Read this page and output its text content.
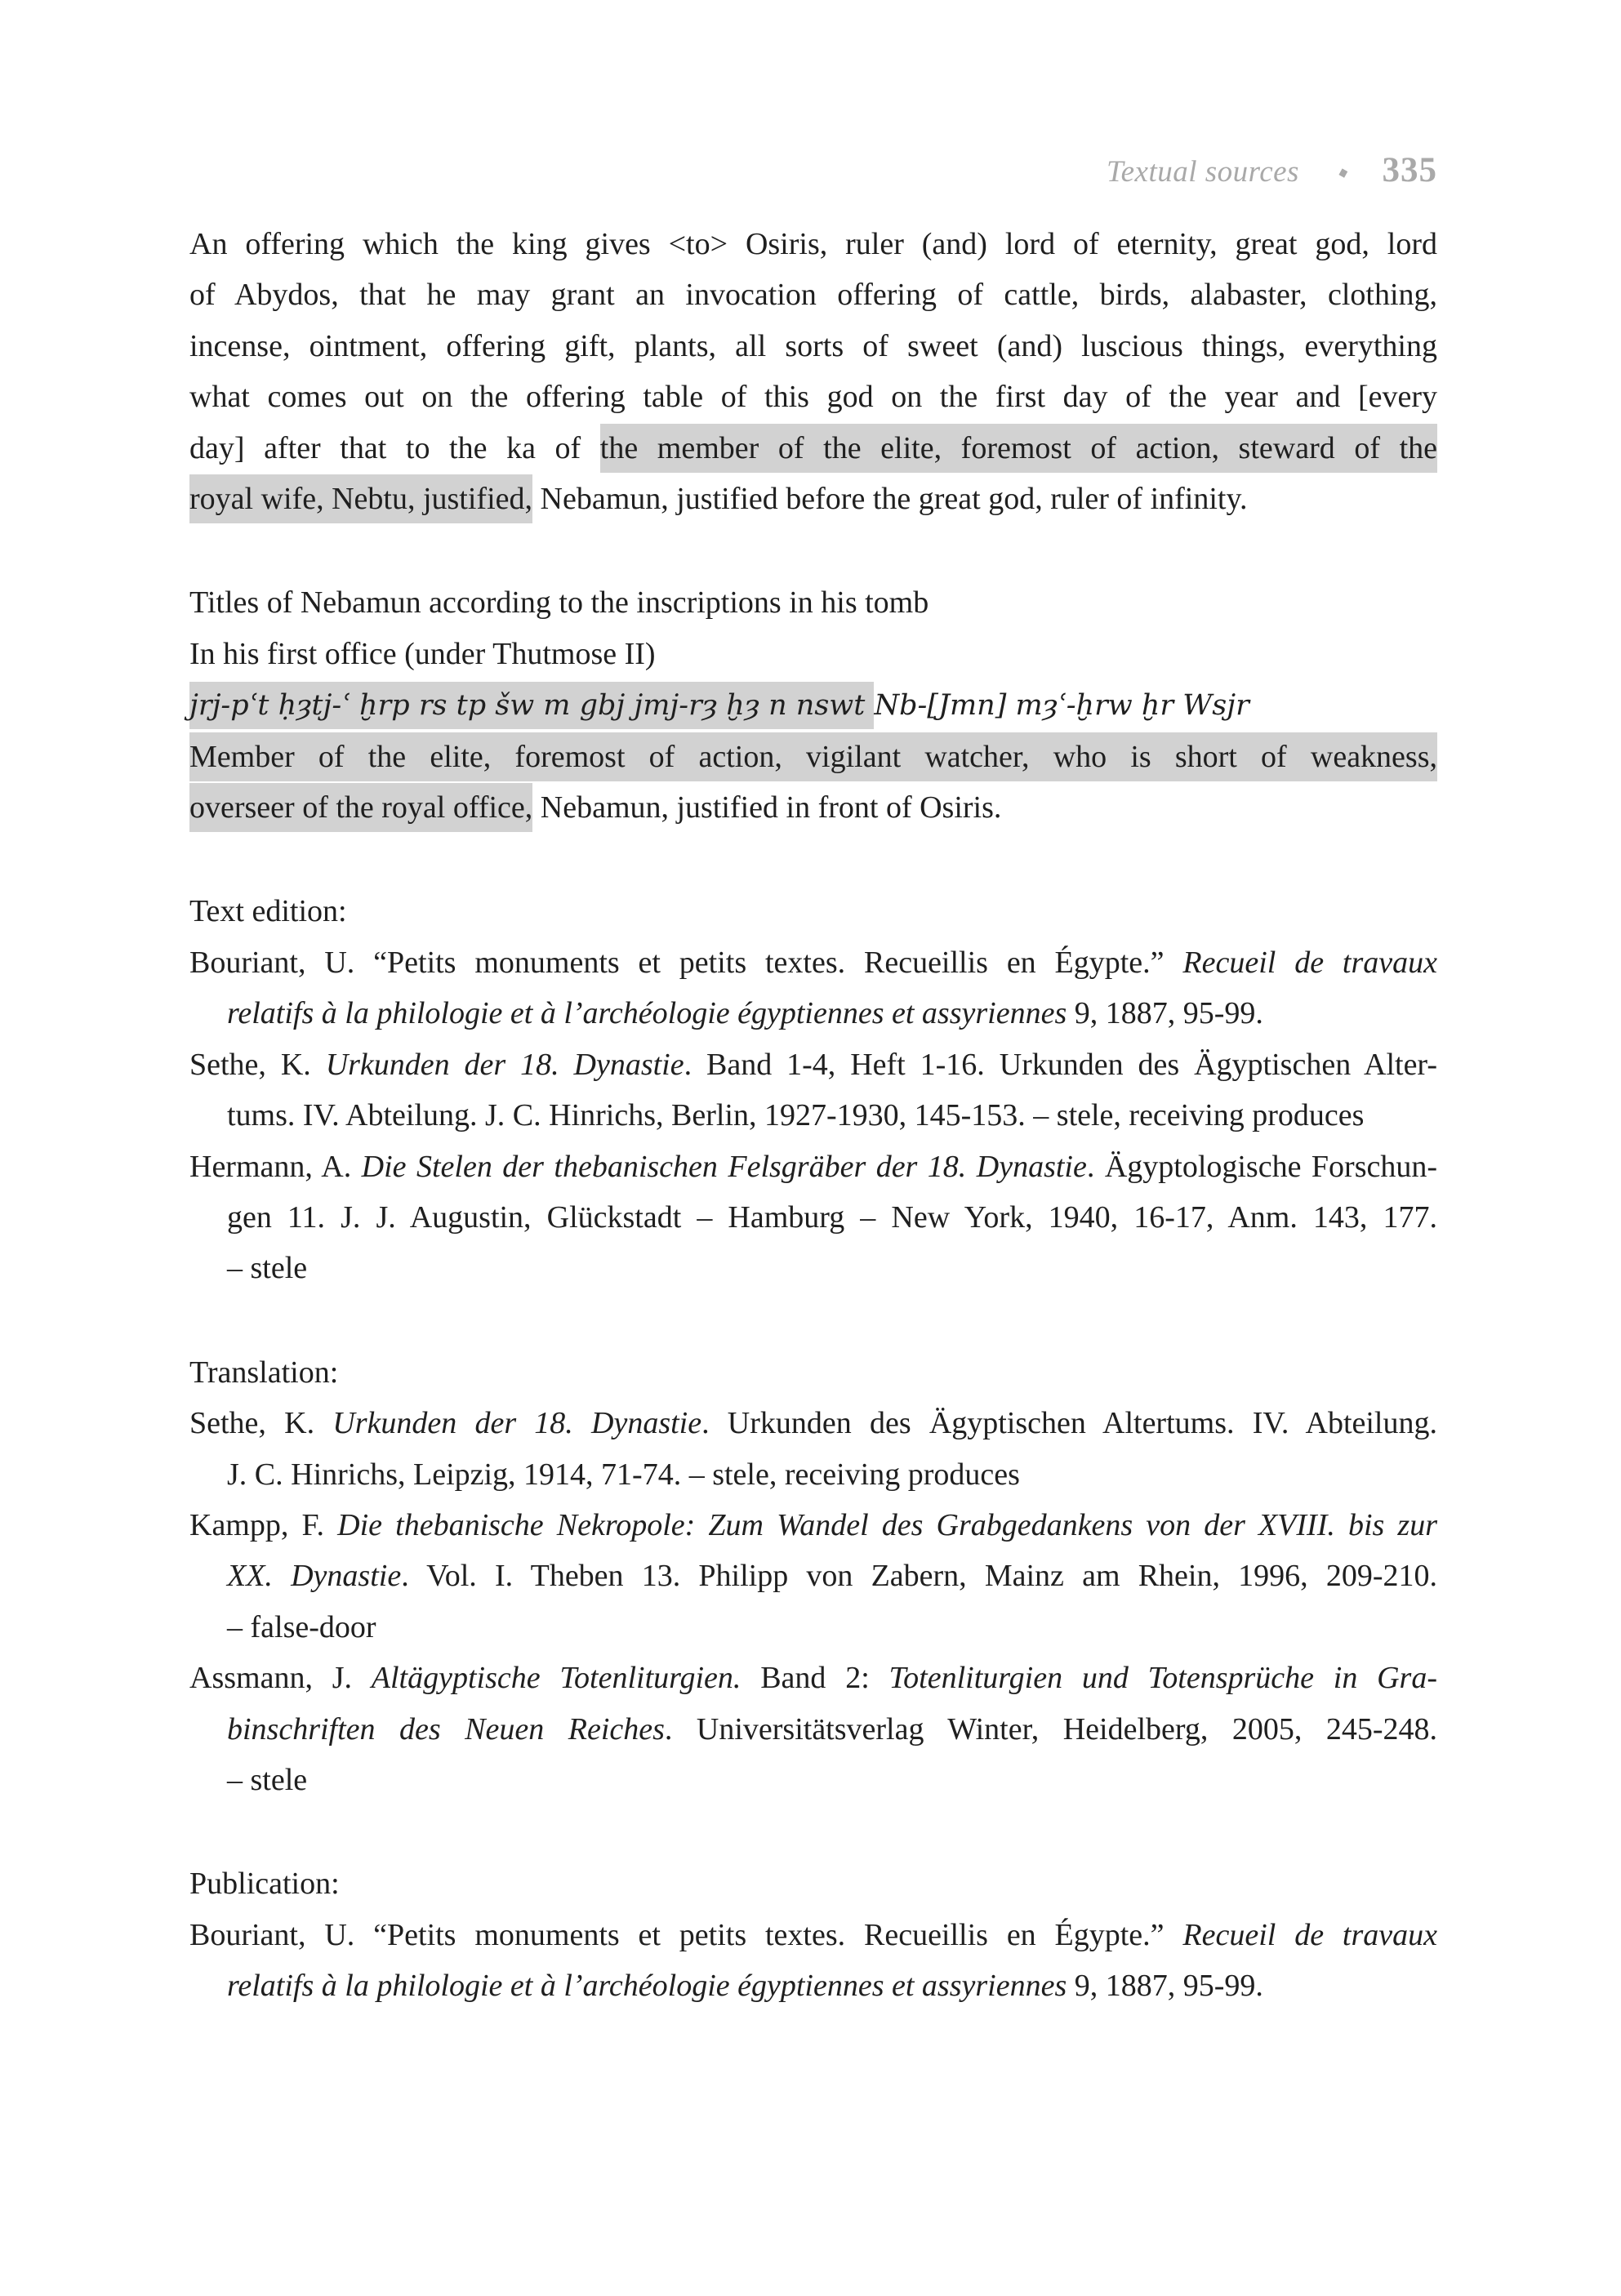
Textual sources	◆ 335
An offering which the king gives <to> Osiris, ruler (and) lord of eternity, great god, lord
of Abydos, that he may grant an invocation offering of cattle, birds, alabaster, clothing,
incense, ointment, offering gift, plants, all sorts of sweet (and) luscious things, everything
what comes out on the offering table of this god on the first day of the year and [every
day] after that to the ka of the member of the elite, foremost of action, steward of the
royal wife, Nebtu, justified, Nebamun, justified before the great god, ruler of infinity.
Titles of Nebamun according to the inscriptions in his tomb
In his first office (under Thutmose II)
jrj-pʿt ḥȝtj-ʿ ḫrp rs tp šw m gbj jmj-rȝ ḫȝ n nswt Nb-[Jmn] mȝʿ-ḫrw ḫr Wsjr
Member of the elite, foremost of action, vigilant watcher, who is short of weakness,
overseer of the royal office, Nebamun, justified in front of Osiris.
Text edition:
Bouriant, U. “Petits monuments et petits textes. Recueillis en Égypte.” Recueil de travaux
relatifs à la philologie et à l’archéologie égyptiennes et assyriennes 9, 1887, 95-99.
Sethe, K. Urkunden der 18. Dynastie. Band 1-4, Heft 1-16. Urkunden des Ägyptischen Alter-
tums. IV. Abteilung. J. C. Hinrichs, Berlin, 1927-1930, 145-153. – stele, receiving produces
Hermann, A. Die Stelen der thebanischen Felsgräber der 18. Dynastie. Ägyptologische Forschun-
gen 11. J. J. Augustin, Glückstadt – Hamburg – New York, 1940, 16-17, Anm. 143, 177.
– stele
Translation:
Sethe, K. Urkunden der 18. Dynastie. Urkunden des Ägyptischen Altertums. IV. Abteilung.
J. C. Hinrichs, Leipzig, 1914, 71-74. – stele, receiving produces
Kampp, F. Die thebanische Nekropole: Zum Wandel des Grabgedankens von der XVIII. bis zur
XX. Dynastie. Vol. I. Theben 13. Philipp von Zabern, Mainz am Rhein, 1996, 209-210.
– false-door
Assmann, J. Altägyptische Totenliturgien. Band 2: Totenliturgien und Totensprüche in Gra-
binschriften des Neuen Reiches. Universitätsverlag Winter, Heidelberg, 2005, 245-248.
– stele
Publication:
Bouriant, U. “Petits monuments et petits textes. Recueillis en Égypte.” Recueil de travaux
relatifs à la philologie et à l’archéologie égyptiennes et assyriennes 9, 1887, 95-99.
